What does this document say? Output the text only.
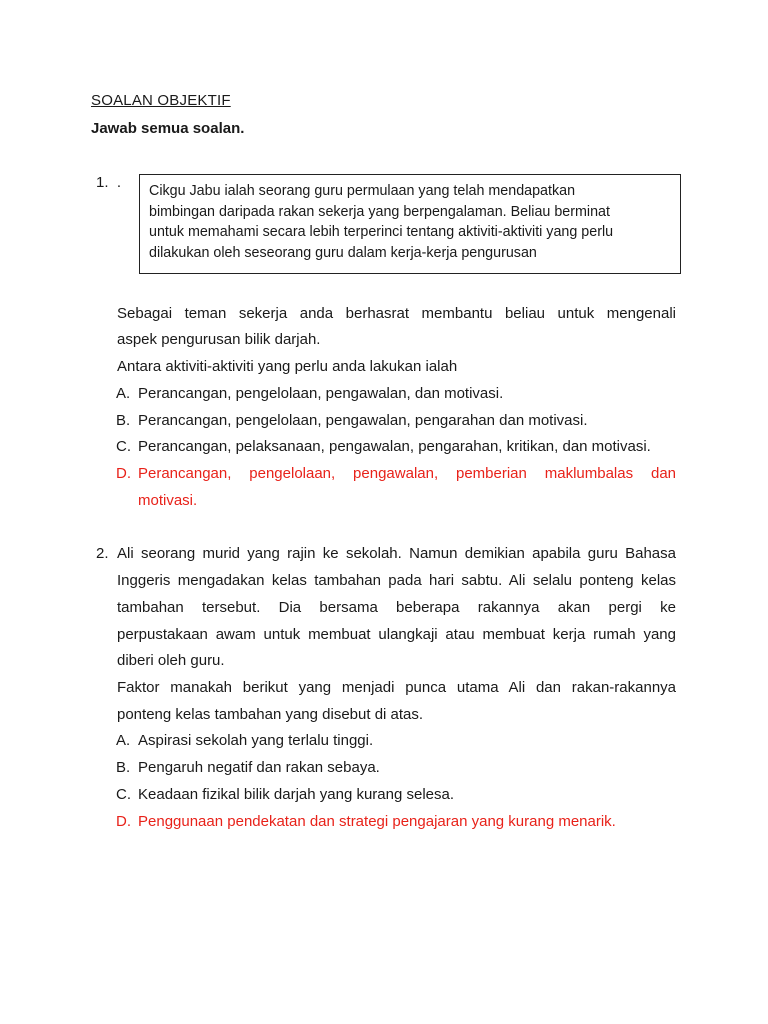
SOALAN OBJEKTIF
Jawab semua soalan.
1. . Cikgu Jabu ialah seorang guru permulaan yang telah mendapatkan
bimbingan daripada rakan sekerja yang berpengalaman. Beliau berminat
untuk memahami secara lebih terperinci tentang aktiviti-aktiviti yang perlu
dilakukan oleh seseorang guru dalam kerja-kerja pengurusan
Sebagai teman sekerja anda berhasrat membantu beliau untuk mengenali
aspek pengurusan bilik darjah.
Antara aktiviti-aktiviti yang perlu anda lakukan ialah
A. Perancangan, pengelolaan, pengawalan, dan motivasi.
B. Perancangan, pengelolaan, pengawalan, pengarahan dan motivasi.
C. Perancangan, pelaksanaan, pengawalan, pengarahan, kritikan, dan motivasi.
D. Perancangan, pengelolaan, pengawalan, pemberian maklumbalas dan
motivasi.
2. Ali seorang murid yang rajin ke sekolah. Namun demikian apabila guru Bahasa
Inggeris mengadakan kelas tambahan pada hari sabtu. Ali selalu ponteng kelas
tambahan tersebut. Dia bersama beberapa rakannya akan pergi ke
perpustakaan awam untuk membuat ulangkaji atau membuat kerja rumah yang
diberi oleh guru.
Faktor manakah berikut yang menjadi punca utama Ali dan rakan-rakannya
ponteng kelas tambahan yang disebut di atas.
A. Aspirasi sekolah yang terlalu tinggi.
B. Pengaruh negatif dan rakan sebaya.
C. Keadaan fizikal bilik darjah yang kurang selesa.
D. Penggunaan pendekatan dan strategi pengajaran yang kurang menarik.
